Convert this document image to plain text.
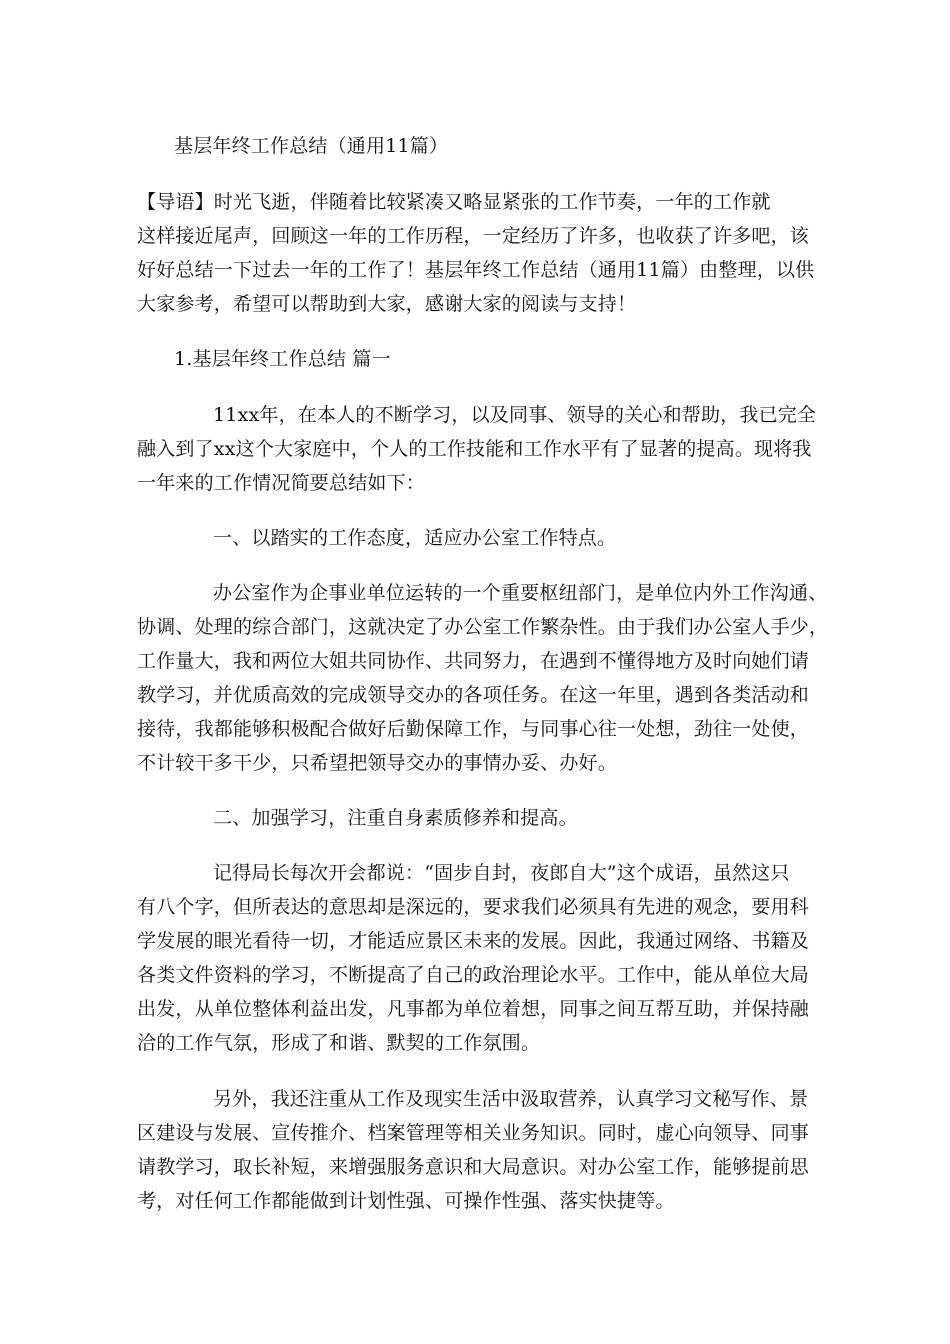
基层年终工作总结（通用11篇）
【导语】时光飞逝，伴随着比较紧凑又略显紧张的工作节奏，一年的工作就
这样接近尾声，回顾这一年的工作历程，一定经历了许多，也收获了许多吧，该
好好总结一下过去一年的工作了！基层年终工作总结（通用11篇）由整理，以供
大家参考，希望可以帮助到大家，感谢大家的阅读与支持！
1.基层年终工作总结 篇一
11xx年，在本人的不断学习，以及同事、领导的关心和帮助，我已完全
融入到了xx这个大家庭中，个人的工作技能和工作水平有了显著的提高。现将我
一年来的工作情况简要总结如下：
一、以踏实的工作态度，适应办公室工作特点。
办公室作为企事业单位运转的一个重要枢纽部门，是单位内外工作沟通、
协调、处理的综合部门，这就决定了办公室工作繁杂性。由于我们办公室人手少，
工作量大，我和两位大姐共同协作、共同努力，在遇到不懂得地方及时向她们请
教学习，并优质高效的完成领导交办的各项任务。在这一年里，遇到各类活动和
接待，我都能够积极配合做好后勤保障工作，与同事心往一处想，劲往一处使，
不计较干多干少，只希望把领导交办的事情办妥、办好。
二、加强学习，注重自身素质修养和提高。
记得局长每次开会都说：“固步自封，夜郎自大”这个成语，虽然这只
有八个字，但所表达的意思却是深远的，要求我们必须具有先进的观念，要用科
学发展的眼光看待一切，才能适应景区未来的发展。因此，我通过网络、书籍及
各类文件资料的学习，不断提高了自己的政治理论水平。工作中，能从单位大局
出发，从单位整体利益出发，凡事都为单位着想，同事之间互帮互助，并保持融
洽的工作气氛，形成了和谐、默契的工作氛围。
另外，我还注重从工作及现实生活中汲取营养，认真学习文秘写作、景
区建设与发展、宣传推介、档案管理等相关业务知识。同时，虚心向领导、同事
请教学习，取长补短，来增强服务意识和大局意识。对办公室工作，能够提前思
考，对任何工作都能做到计划性强、可操作性强、落实快捷等。
